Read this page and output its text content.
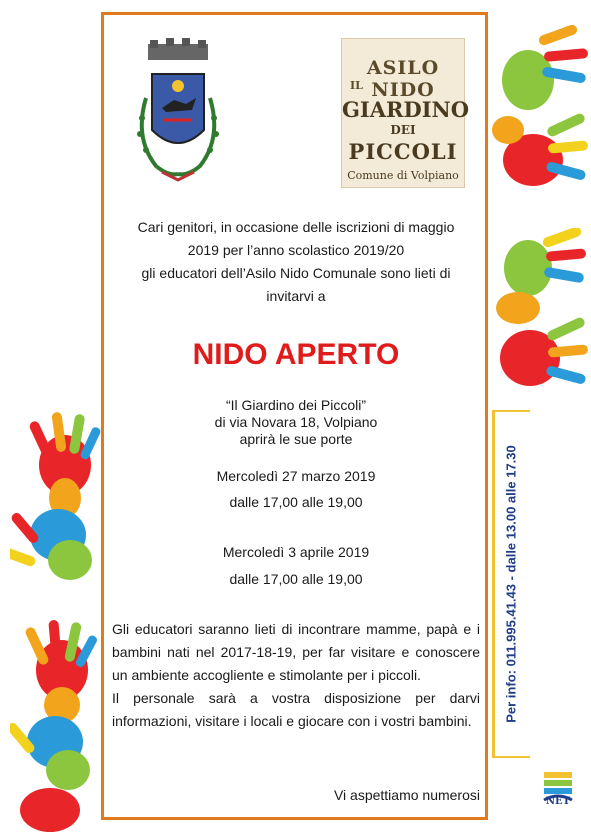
ASILO NIDO
IL
GIARDINO
DEI
PICCOLI
Comune di Volpiano
Cari genitori, in occasione delle iscrizioni di maggio
2019 per l’anno scolastico 2019/20
gli educatori dell’Asilo Nido Comunale sono lieti di
invitarvi a
NIDO APERTO
“Il Giardino dei Piccoli”
di via Novara 18, Volpiano
aprirà le sue porte
Mercoledì 27 marzo 2019
dalle 17,00 alle 19,00
Mercoledì 3 aprile 2019
dalle 17,00 alle 19,00

Gli educatori saranno lieti di incontrare mamme, papà e i bambini nati nel 2017-18-19, per far visitare e conoscere un ambiente accogliente e stimolante per i piccoli.

Il personale sarà a vostra disposizione per darvi informazioni, visitare i locali e giocare con i vostri bambini.

Vi aspettiamo numerosi
Per info: 011.995.41.43 - dalle 13.00 alle 17.30
NET
